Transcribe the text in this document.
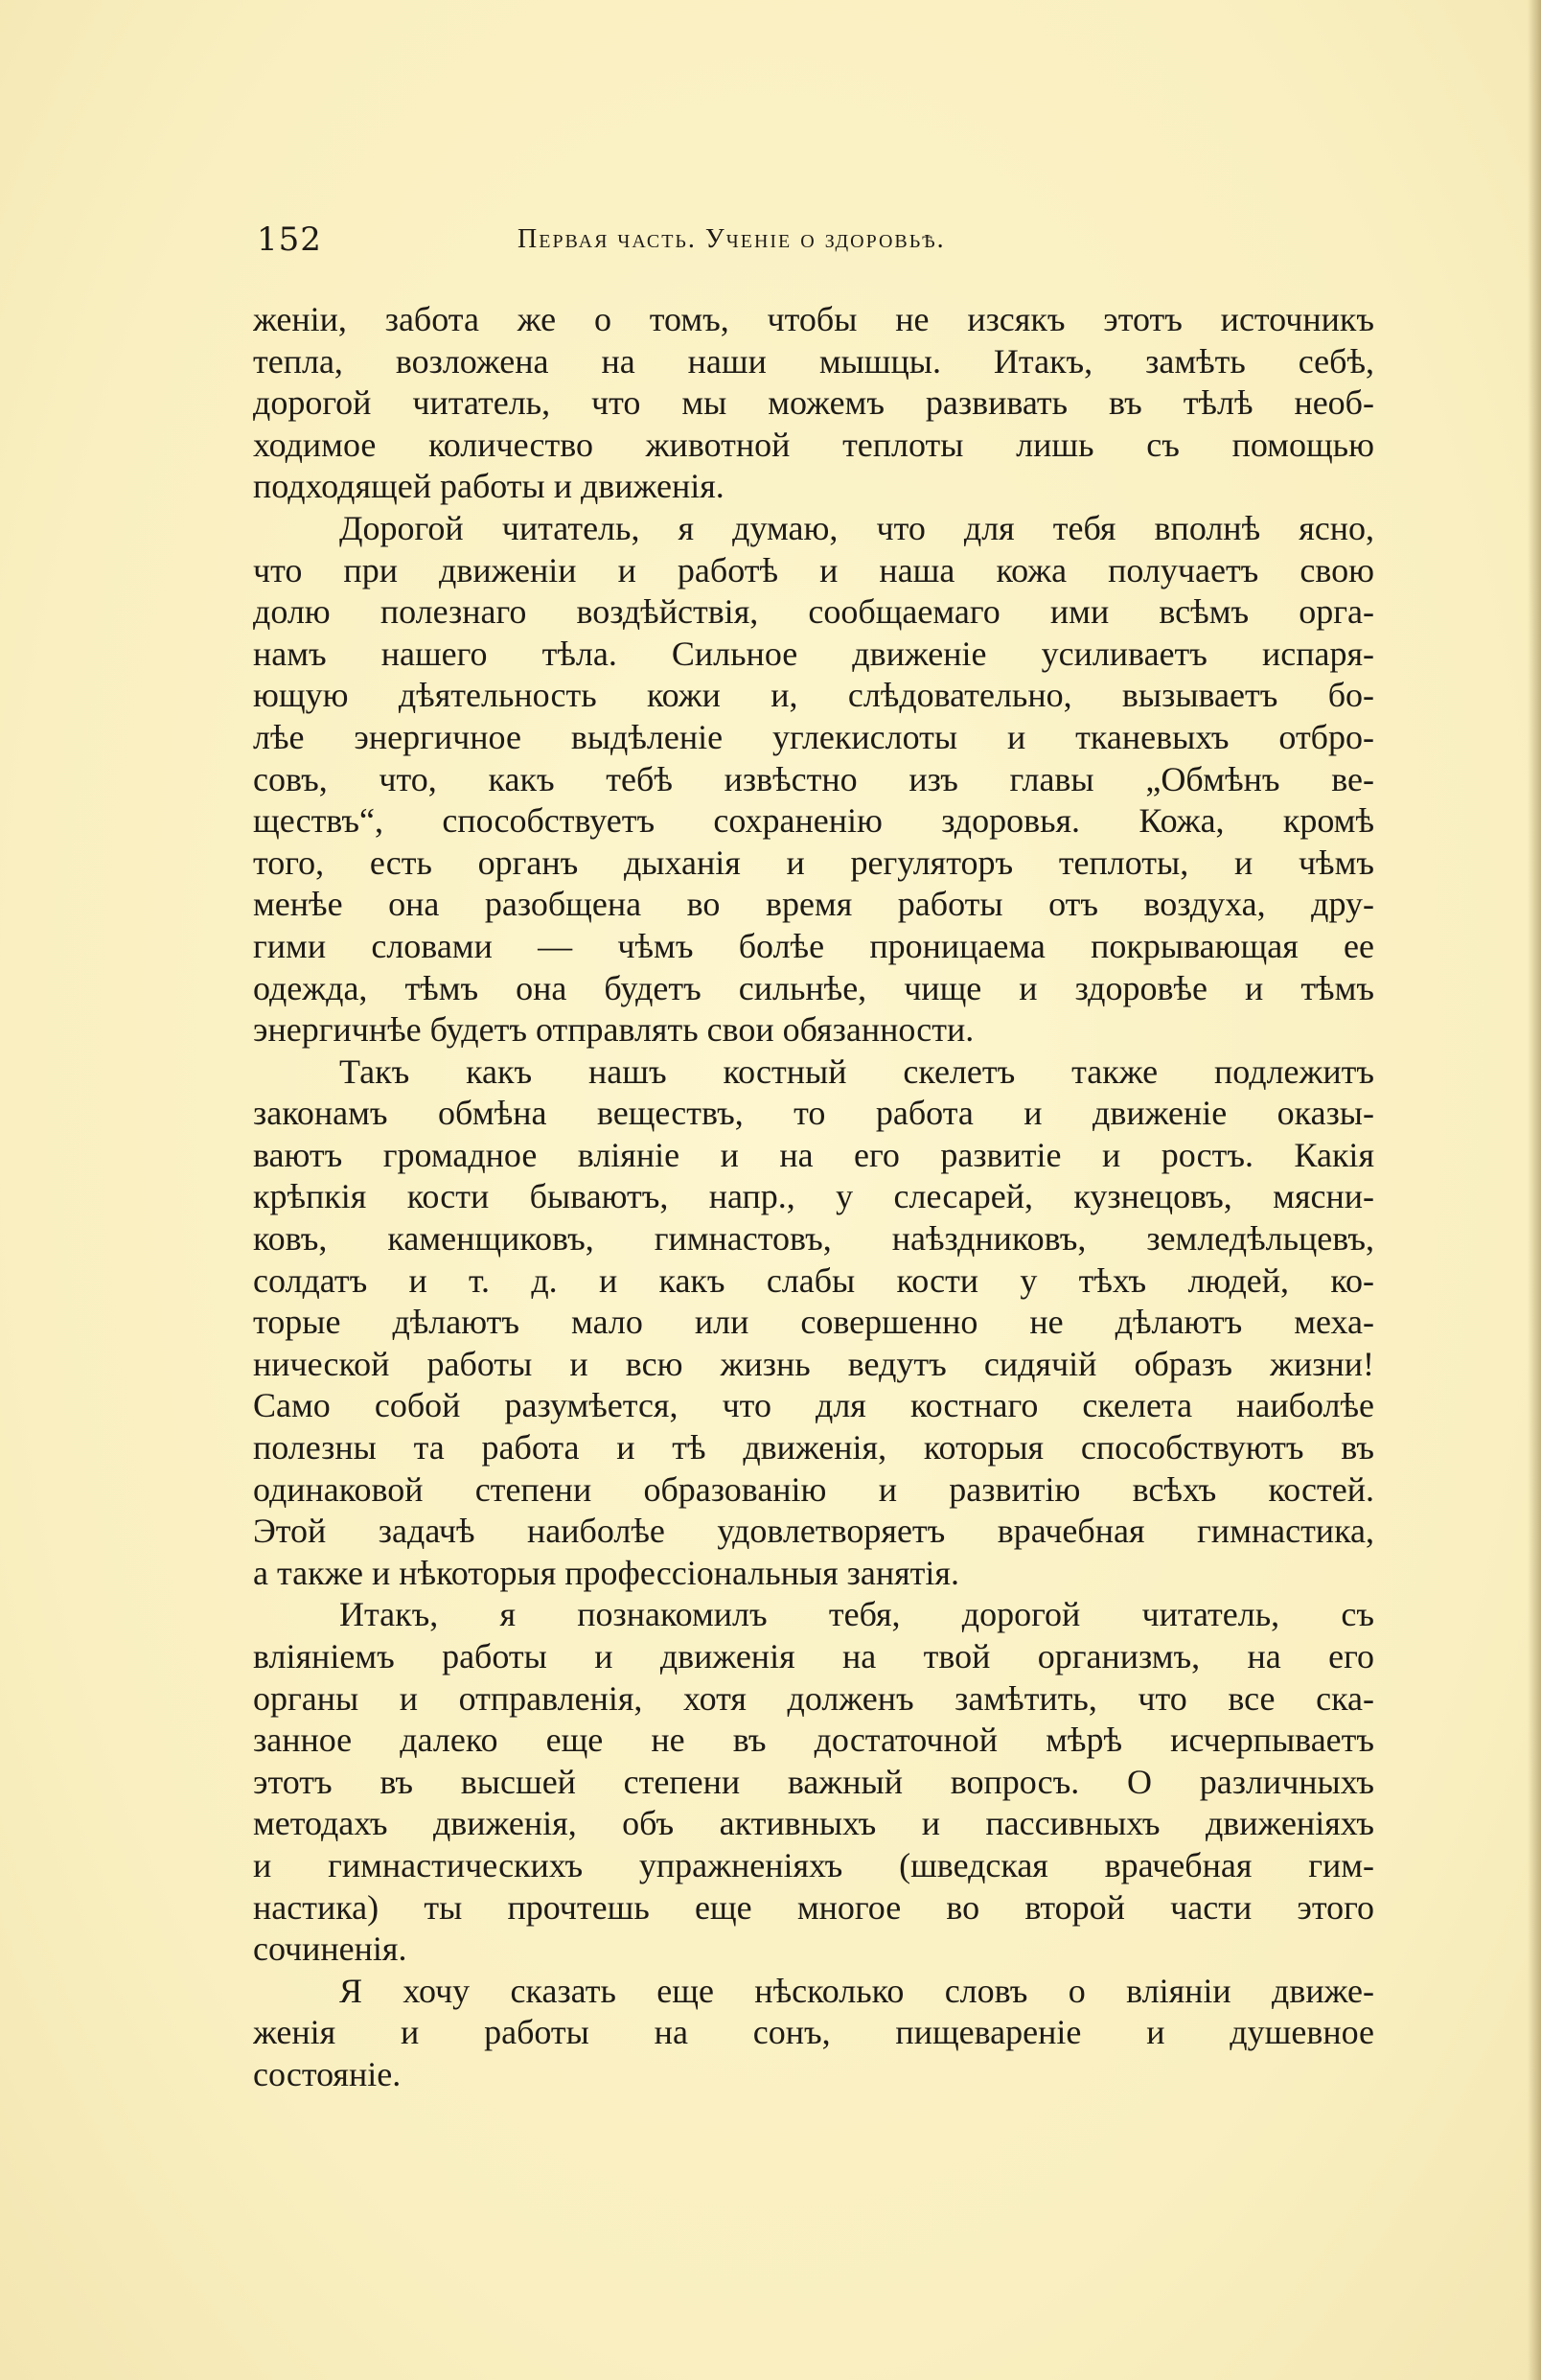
152	Первая часть. Ученіе о здоровьѣ.
женіи, забота же о томъ, чтобы не изсякъ этотъ источникъ
тепла, возложена на наши мышцы. Итакъ, замѣть себѣ,
дорогой читатель, что мы можемъ развивать въ тѣлѣ необ-
ходимое количество животной теплоты лишь съ помощью
подходящей работы и движенія.
Дорогой читатель, я думаю, что для тебя вполнѣ ясно,
что при движеніи и работѣ и наша кожа получаетъ свою
долю полезнаго воздѣйствія, сообщаемаго ими всѣмъ орга-
намъ нашего тѣла. Сильное движеніе усиливаетъ испаря-
ющую дѣятельность кожи и, слѣдовательно, вызываетъ бо-
лѣе энергичное выдѣленіе углекислоты и тканевыхъ отбро-
совъ, что, какъ тебѣ извѣстно изъ главы „Обмѣнъ ве-
ществъ“, способствуетъ сохраненію здоровья. Кожа, кромѣ
того, есть органъ дыханія и регуляторъ теплоты, и чѣмъ
менѣе она разобщена во время работы отъ воздуха, дру-
гими словами — чѣмъ болѣе проницаема покрывающая ее
одежда, тѣмъ она будетъ сильнѣе, чище и здоровѣе и тѣмъ
энергичнѣе будетъ отправлять свои обязанности.
Такъ какъ нашъ костный скелетъ также подлежитъ
законамъ обмѣна веществъ, то работа и движеніе оказы-
ваютъ громадное вліяніе и на его развитіе и ростъ. Какія
крѣпкія кости бываютъ, напр., у слесарей, кузнецовъ, мясни-
ковъ, каменщиковъ, гимнастовъ, наѣздниковъ, земледѣльцевъ,
солдатъ и т. д. и какъ слабы кости у тѣхъ людей, ко-
торые дѣлаютъ мало или совершенно не дѣлаютъ меха-
нической работы и всю жизнь ведутъ сидячій образъ жизни!
Само собой разумѣется, что для костнаго скелета наиболѣе
полезны та работа и тѣ движенія, которыя способствуютъ въ
одинаковой степени образованію и развитію всѣхъ костей.
Этой задачѣ наиболѣе удовлетворяетъ врачебная гимнастика,
а также и нѣкоторыя профессіональныя занятія.
Итакъ, я познакомилъ тебя, дорогой читатель, съ
вліяніемъ работы и движенія на твой организмъ, на его
органы и отправленія, хотя долженъ замѣтить, что все ска-
занное далеко еще не въ достаточной мѣрѣ исчерпываетъ
этотъ въ высшей степени важный вопросъ. О различныхъ
методахъ движенія, объ активныхъ и пассивныхъ движеніяхъ
и гимнастическихъ упражненіяхъ (шведская врачебная гим-
настика) ты прочтешь еще многое во второй части этого
сочиненія.
Я хочу сказать еще нѣсколько словъ о вліяніи движе-
женія и работы на сонъ, пищевареніе и душевное
состояніе.
